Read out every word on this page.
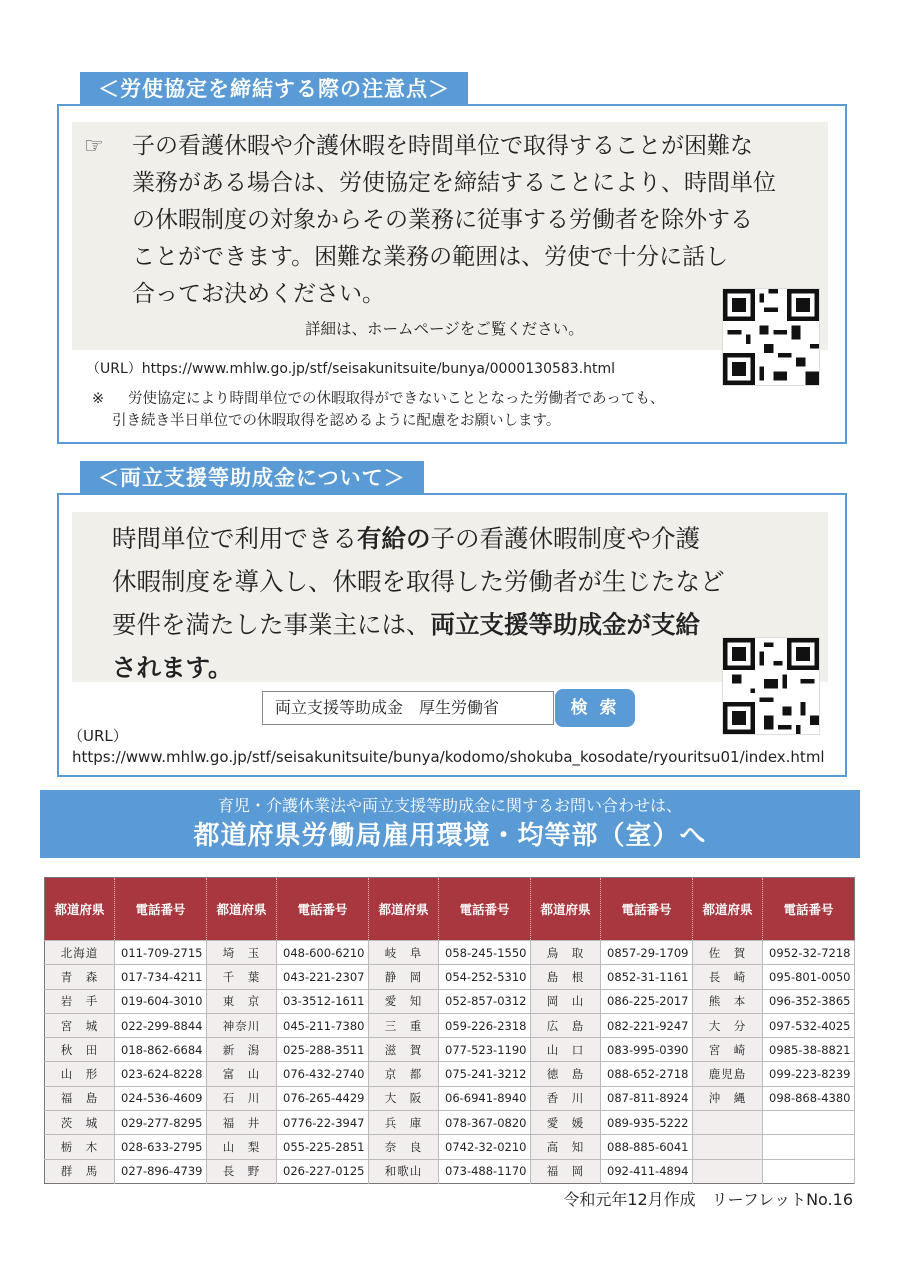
＜労使協定を締結する際の注意点＞
☞ 子の看護休暇や介護休暇を時間単位で取得することが困難な
業務がある場合は、労使協定を締結することにより、時間単位
の休暇制度の対象からその業務に従事する労働者を除外する
ことができます。困難な業務の範囲は、労使で十分に話し
合ってお決めください。
詳細は、ホームページをご覧ください。
（URL）https://www.mhlw.go.jp/stf/seisakunitsuite/bunya/0000130583.html
※ 労使協定により時間単位での休暇取得ができないこととなった労働者であっても、
引き続き半日単位での休暇取得を認めるように配慮をお願いします。
＜両立支援等助成金について＞
時間単位で利用できる有給の子の看護休暇制度や介護
休暇制度を導入し、休暇を取得した労働者が生じたなど
要件を満たした事業主には、両立支援等助成金が支給
されます。
両立支援等助成金　厚生労働省	検 索
（URL）
https://www.mhlw.go.jp/stf/seisakunitsuite/bunya/kodomo/shokuba_kosodate/ryouritsu01/index.html
育児・介護休業法や両立支援等助成金に関するお問い合わせは、
都道府県労働局雇用環境・均等部（室）へ
都道府県	電話番号	都道府県	電話番号	都道府県	電話番号	都道府県	電話番号	都道府県	電話番号
北海道	011-709-2715	埼　玉	048-600-6210	岐　阜	058-245-1550	鳥　取	0857-29-1709	佐　賀	0952-32-7218
青　森	017-734-4211	千　葉	043-221-2307	静　岡	054-252-5310	島　根	0852-31-1161	長　崎	095-801-0050
岩　手	019-604-3010	東　京	03-3512-1611	愛　知	052-857-0312	岡　山	086-225-2017	熊　本	096-352-3865
宮　城	022-299-8844	神奈川	045-211-7380	三　重	059-226-2318	広　島	082-221-9247	大　分	097-532-4025
秋　田	018-862-6684	新　潟	025-288-3511	滋　賀	077-523-1190	山　口	083-995-0390	宮　崎	0985-38-8821
山　形	023-624-8228	富　山	076-432-2740	京　都	075-241-3212	徳　島	088-652-2718	鹿児島	099-223-8239
福　島	024-536-4609	石　川	076-265-4429	大　阪	06-6941-8940	香　川	087-811-8924	沖　縄	098-868-4380
茨　城	029-277-8295	福　井	0776-22-3947	兵　庫	078-367-0820	愛　媛	089-935-5222		
栃　木	028-633-2795	山　梨	055-225-2851	奈　良	0742-32-0210	高　知	088-885-6041		
群　馬	027-896-4739	長　野	026-227-0125	和歌山	073-488-1170	福　岡	092-411-4894		
令和元年12月作成　リーフレットNo.16
